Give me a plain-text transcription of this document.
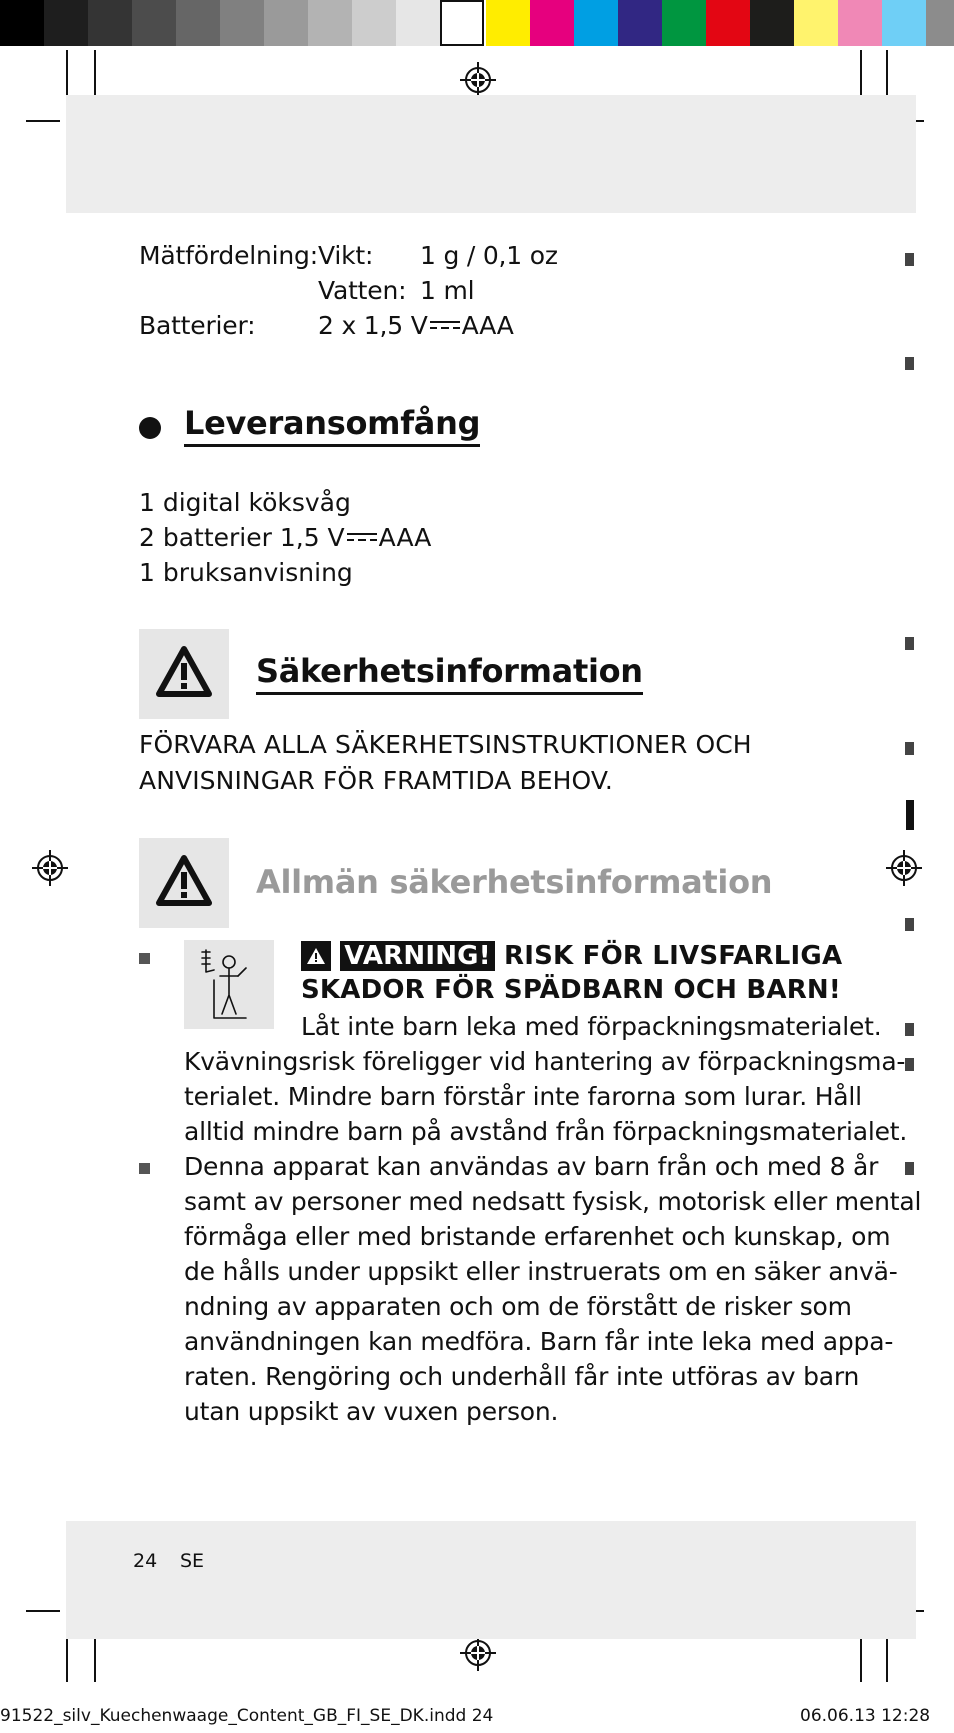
Mätfördelning: Vikt: 1 g / 0,1 oz
Vatten: 1 ml
Batterier:	2 x 1,5 V AAA
Leveransomfång
1 digital köksvåg
2 batterier 1,5 V AAA
1 bruksanvisning
Säkerhetsinformation
FÖRVARA ALLA SÄKERHETSINSTRUKTIONER OCH
ANVISNINGAR FÖR FRAMTIDA BEHOV.
Allmän säkerhetsinformation
VARNING! RISK FÖR LIVSFARLIGA
SKADOR FÖR SPÄDBARN OCH BARN!
Låt inte barn leka med förpackningsmaterialet.
Kvävningsrisk föreligger vid hantering av förpackningsma-
terialet. Mindre barn förstår inte farorna som lurar. Håll
alltid mindre barn på avstånd från förpackningsmaterialet.
Denna apparat kan användas av barn från och med 8 år
samt av personer med nedsatt fysisk, motorisk eller mental
förmåga eller med bristande erfarenhet och kunskap, om
de hålls under uppsikt eller instruerats om en säker anvä-
ndning av apparaten och om de förstått de risker som
användningen kan medföra. Barn får inte leka med appa-
raten. Rengöring och underhåll får inte utföras av barn
utan uppsikt av vuxen person.
24 SE
91522_silv_Kuechenwaage_Content_GB_FI_SE_DK.indd 24	06.06.13 12:28
